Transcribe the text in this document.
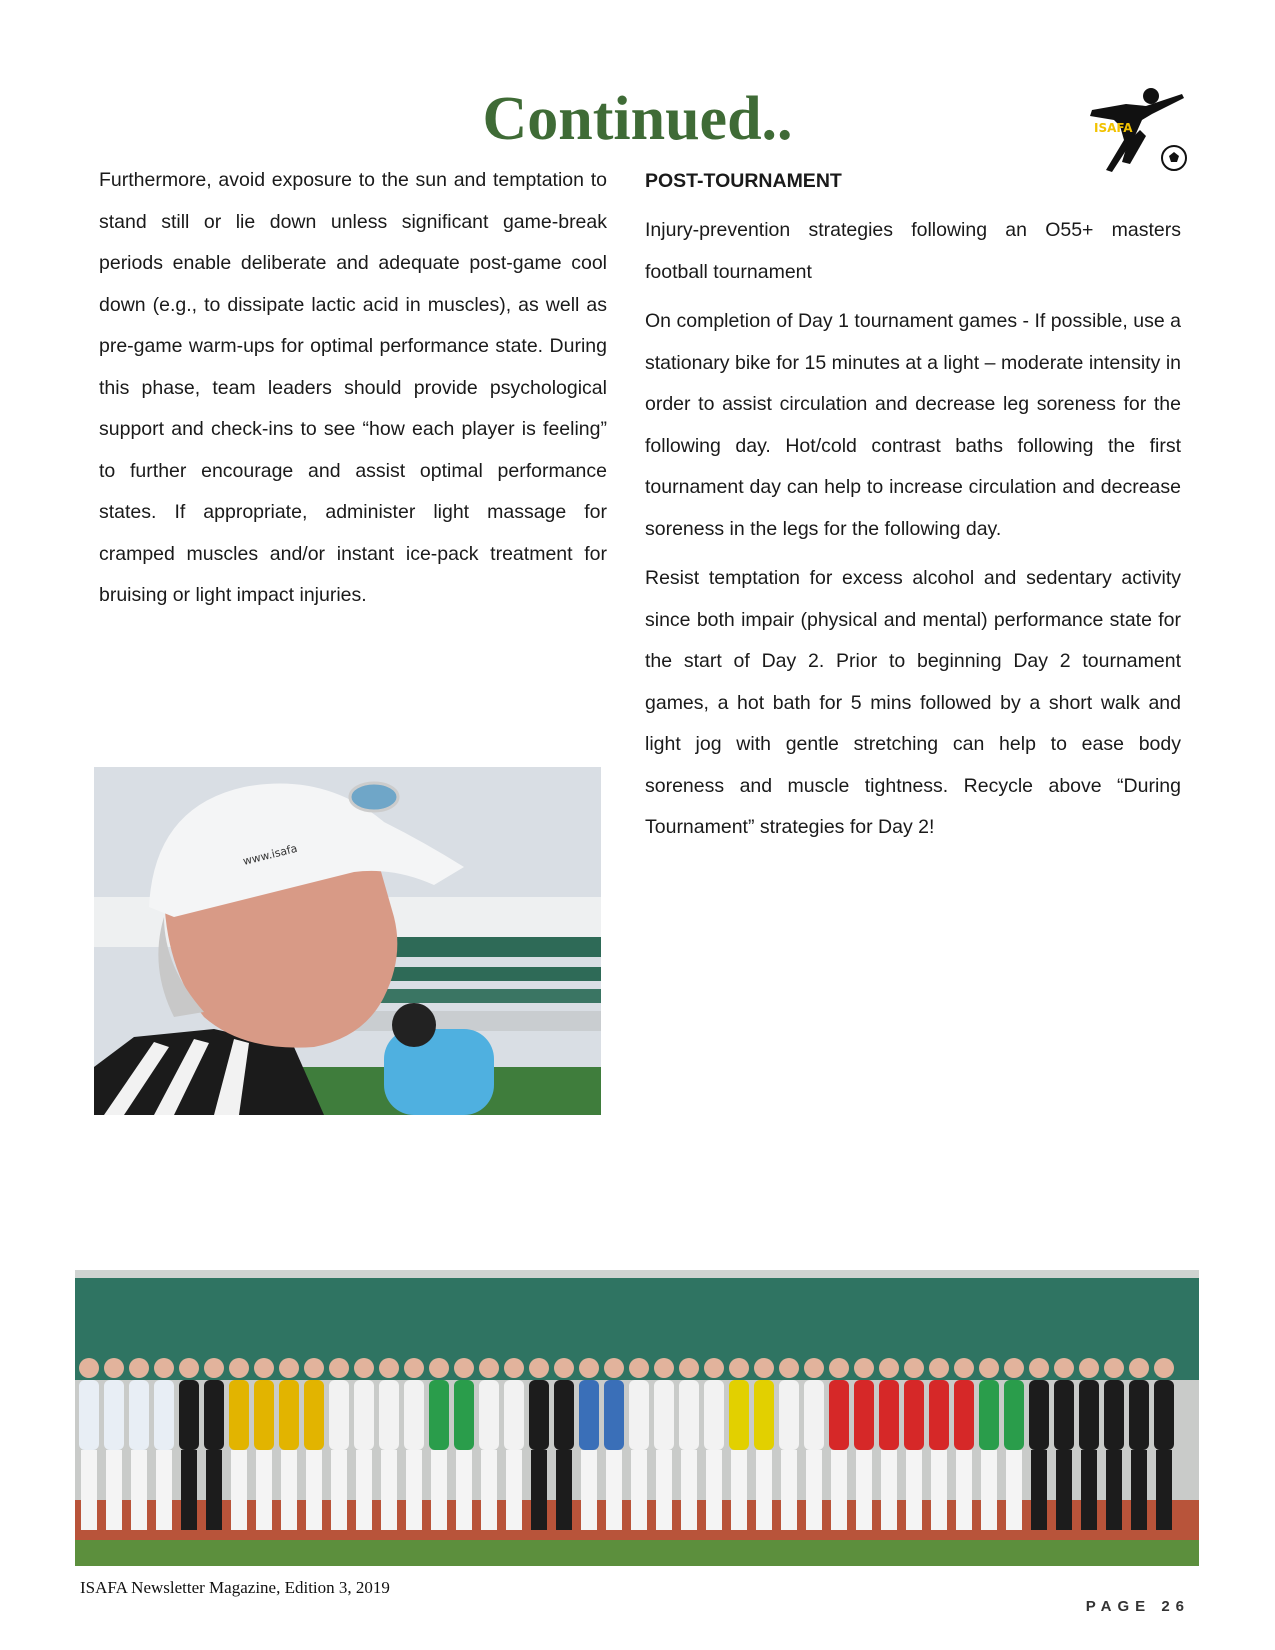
Continued..	ISAFA

Furthermore, avoid exposure to the sun and temptation to stand still or lie down unless significant game-break periods enable deliberate and adequate post-game cool down (e.g., to dissipate lactic acid in muscles), as well as pre-game warm-ups for optimal performance state. During this phase, team leaders should provide psychological support and check-ins to see “how each player is feeling” to further encourage and assist optimal performance states. If appropriate, administer light massage for cramped muscles and/or instant ice-pack treatment for bruising or light impact injuries.

POST-TOURNAMENT

Injury-prevention strategies following an O55+ masters football tournament

On completion of Day 1 tournament games - If possible, use a stationary bike for 15 minutes at a light – moderate intensity in order to assist circulation and decrease leg soreness for the following day. Hot/cold contrast baths following the first tournament day can help to increase circulation and decrease soreness in the legs for the following day.

Resist temptation for excess alcohol and sedentary activity since both impair (physical and mental) performance state for the start of Day 2. Prior to beginning Day 2 tournament games, a hot bath for 5 mins followed by a short walk and light jog with gentle stretching can help to ease body soreness and muscle tightness. Recycle above “During Tournament” strategies for Day 2!

www.isafa
ISAFA Newsletter Magazine, Edition 3, 2019
PAGE 26
